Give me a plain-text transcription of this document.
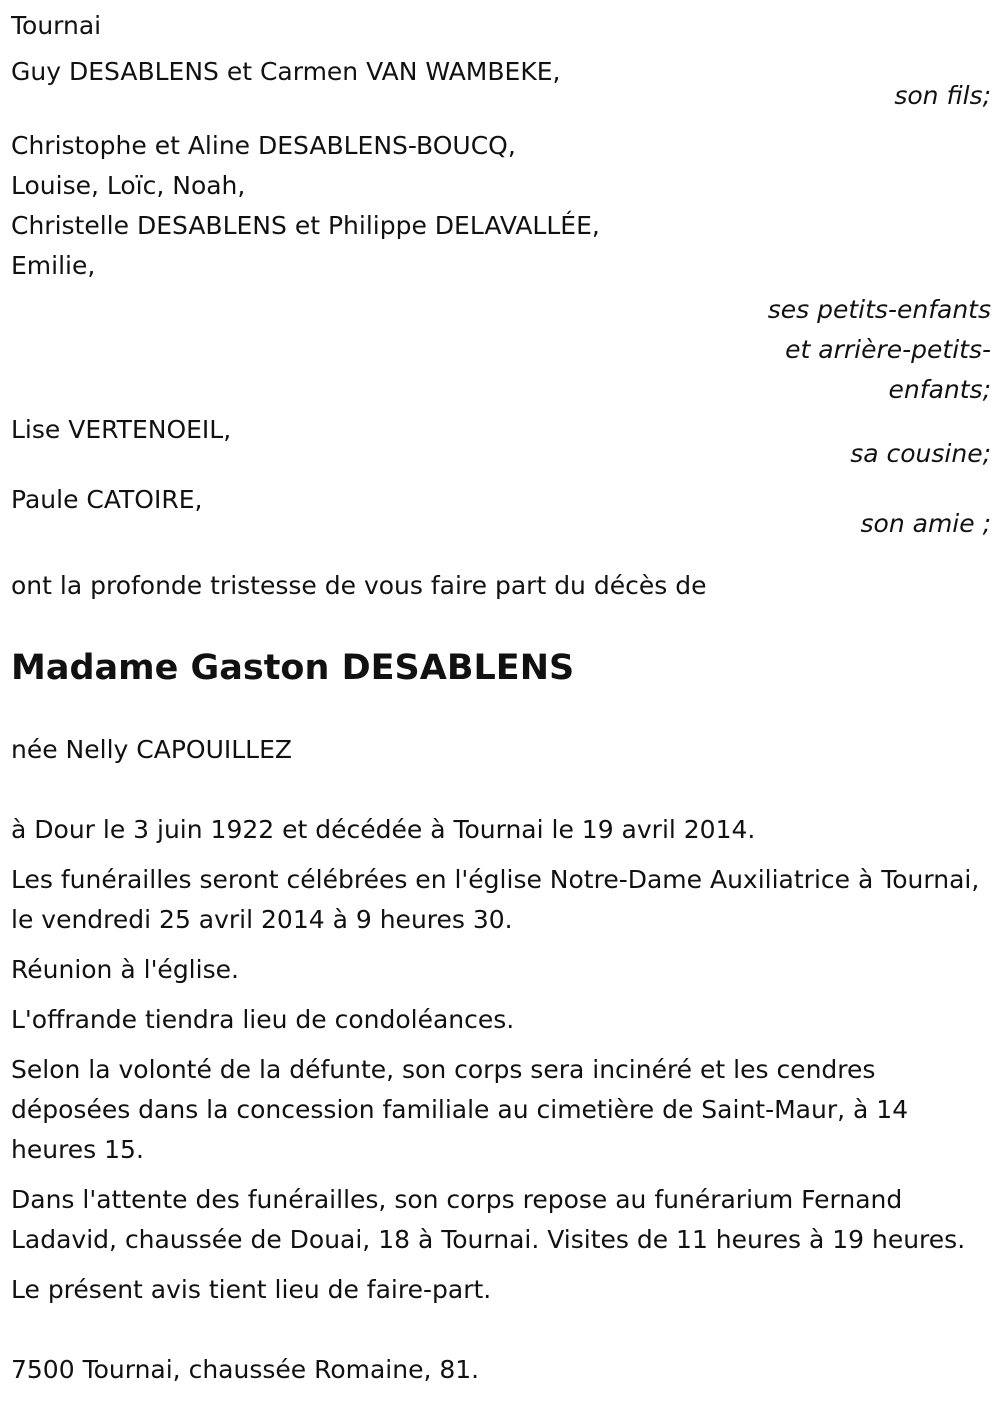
Tournai
Guy DESABLENS et Carmen VAN WAMBEKE,
son fils;
Christophe et Aline DESABLENS-BOUCQ,
Louise, Loïc, Noah,
Christelle DESABLENS et Philippe DELAVALLÉE,
Emilie,
ses petits-enfants
et arrière-petits-
enfants;
Lise VERTENOEIL,
sa cousine;
Paule CATOIRE,
son amie ;
ont la profonde tristesse de vous faire part du décès de
Madame Gaston DESABLENS
née Nelly CAPOUILLEZ
à Dour le 3 juin 1922 et décédée à Tournai le 19 avril 2014.
Les funérailles seront célébrées en l'église Notre-Dame Auxiliatrice à Tournai, le vendredi 25 avril 2014 à 9 heures 30.
Réunion à l'église.
L'offrande tiendra lieu de condoléances.
Selon la volonté de la défunte, son corps sera incinéré et les cendres déposées dans la concession familiale au cimetière de Saint-Maur, à 14 heures 15.
Dans l'attente des funérailles, son corps repose au funérarium Fernand Ladavid, chaussée de Douai, 18 à Tournai. Visites de 11 heures à 19 heures.
Le présent avis tient lieu de faire-part.
7500 Tournai, chaussée Romaine, 81.
